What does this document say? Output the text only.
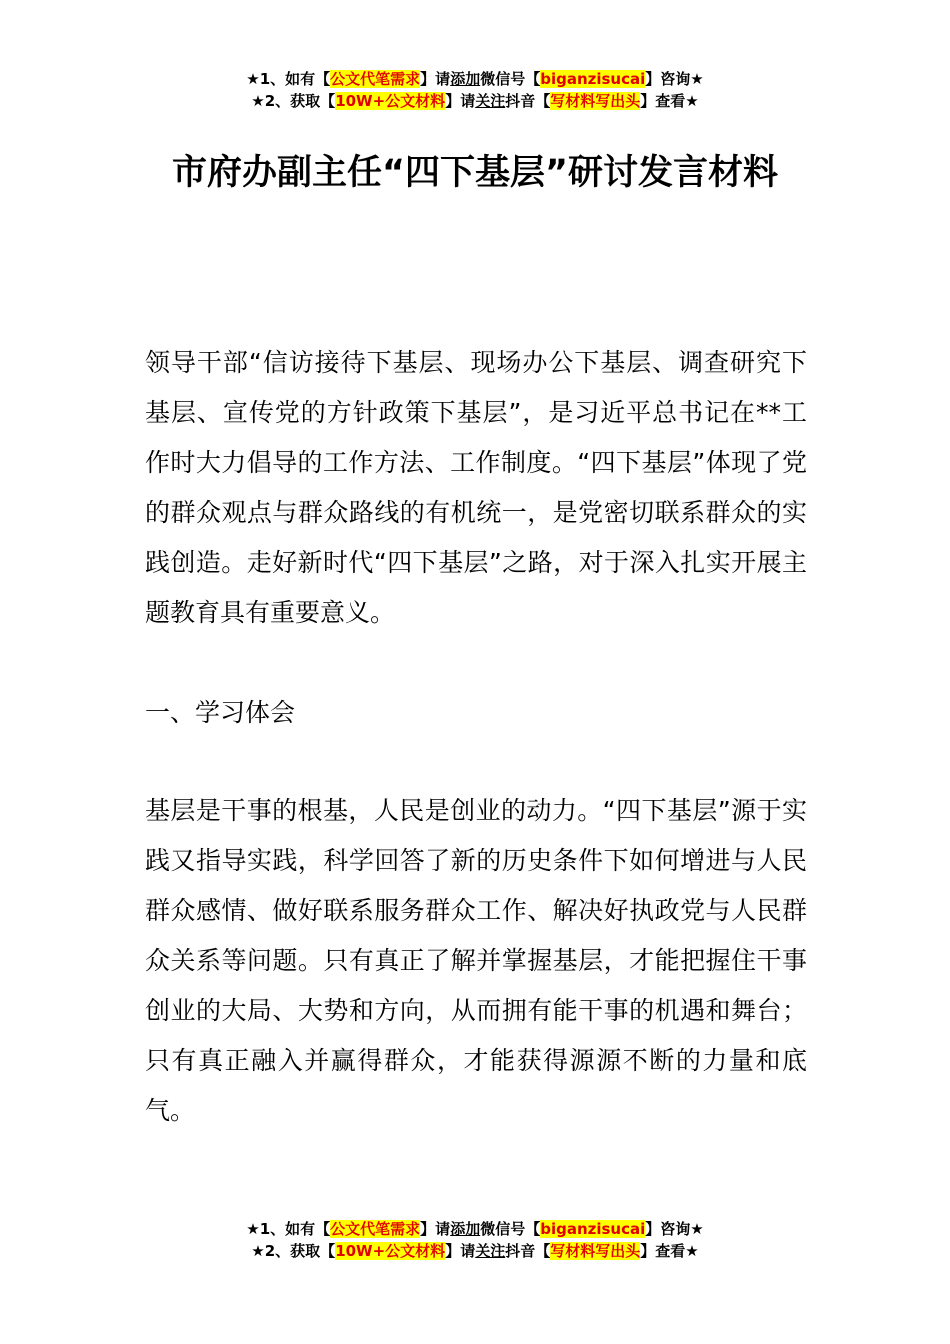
★1、如有【公文代笔需求】请添加微信号【biganzisucai】咨询★
★2、获取【10W+公文材料】请关注抖音【写材料写出头】查看★
市府办副主任“四下基层”研讨发言材料

领导干部“信访接待下基层、现场办公下基层、调查研究下基层、宣传党的方针政策下基层”，是习近平总书记在**工作时大力倡导的工作方法、工作制度。“四下基层”体现了党的群众观点与群众路线的有机统一，是党密切联系群众的实践创造。走好新时代“四下基层”之路，对于深入扎实开展主题教育具有重要意义。

一、学习体会

基层是干事的根基，人民是创业的动力。“四下基层”源于实践又指导实践，科学回答了新的历史条件下如何增进与人民群众感情、做好联系服务群众工作、解决好执政党与人民群众关系等问题。只有真正了解并掌握基层，才能把握住干事创业的大局、大势和方向，从而拥有能干事的机遇和舞台；只有真正融入并赢得群众，才能获得源源不断的力量和底气。

★1、如有【公文代笔需求】请添加微信号【biganzisucai】咨询★
★2、获取【10W+公文材料】请关注抖音【写材料写出头】查看★
